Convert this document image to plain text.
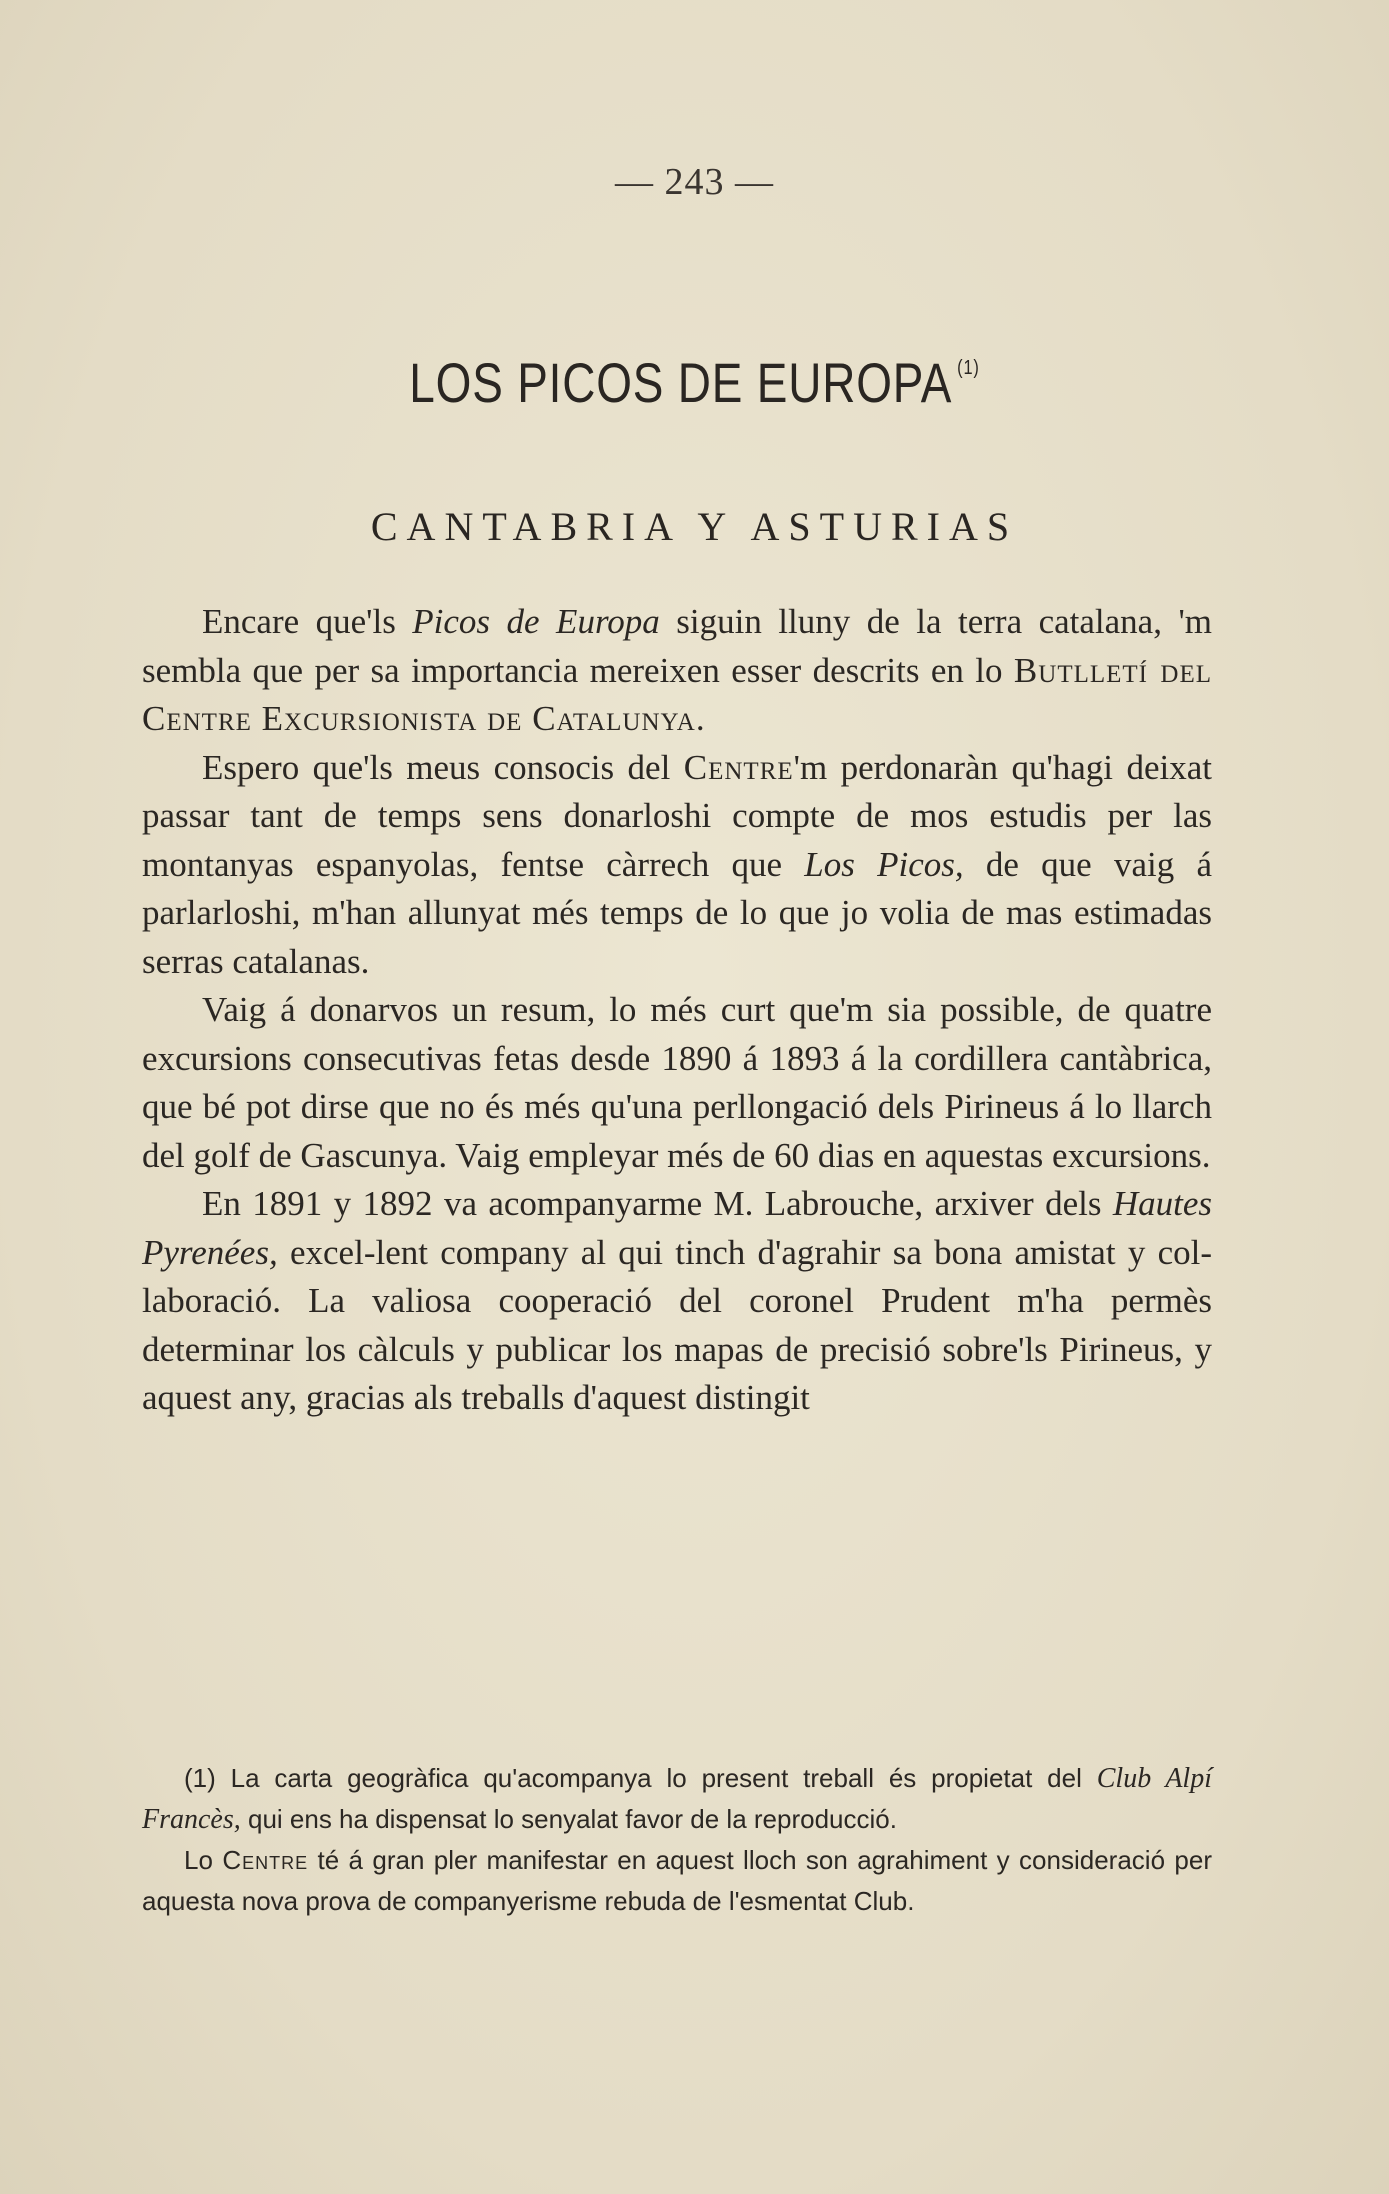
— 243 —
LOS PICOS DE EUROPA $^{(1)}$
CANTABRIA Y ASTURIAS

Encare que'ls Picos de Europa siguin lluny de la terra catalana, 'm sembla que per sa importancia mereixen esser descrits en lo Butlletí del Centre Excursionista de Catalunya.

Espero que'ls meus consocis del Centre'm perdonaràn qu'hagi deixat passar tant de temps sens donarloshi compte de mos estudis per las montanyas espanyolas, fentse càrrech que Los Picos, de que vaig á parlarloshi, m'han allunyat més temps de lo que jo volia de mas estimadas serras catalanas.

Vaig á donarvos un resum, lo més curt que'm sia possible, de quatre excursions consecutivas fetas desde 1890 á 1893 á la cordillera cantàbrica, que bé pot dirse que no és més qu'una perllongació dels Pirineus á lo llarch del golf de Gascunya. Vaig empleyar més de 60 dias en aquestas excursions.

En 1891 y 1892 va acompanyarme M. Labrouche, arxiver dels Hautes Pyrenées, excel-lent company al qui tinch d'agrahir sa bona amistat y col-laboració. La valiosa cooperació del coronel Prudent m'ha permès determinar los càlculs y publicar los mapas de precisió sobre'ls Pirineus, y aquest any, gracias als treballs d'aquest distingit

(1) La carta geogràfica qu'acompanya lo present treball és propietat del Club Alpí Francès, qui ens ha dispensat lo senyalat favor de la reproducció.

Lo Centre té á gran pler manifestar en aquest lloch son agrahiment y consideració per aquesta nova prova de companyerisme rebuda de l'esmentat Club.
